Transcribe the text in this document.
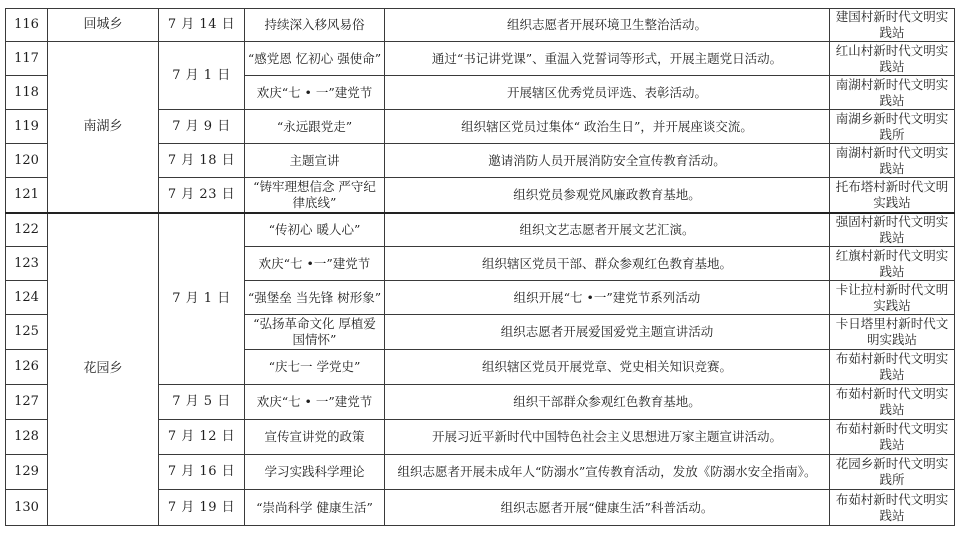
116	回城乡	7 月 14 日	持续深入移风易俗	组织志愿者开展环境卫生整治活动。	建国村新时代文明实践站
117	南湖乡	7 月 1 日	“感党恩 忆初心 强使命”	通过“书记讲党课”、重温入党誓词等形式，开展主题党日活动。	红山村新时代文明实践站
118			欢庆“七 • 一”建党节	开展辖区优秀党员评选、表彰活动。	南湖村新时代文明实践站
119		7 月 9 日	“永远跟党走”	组织辖区党员过集体“ 政治生日”，并开展座谈交流。	南湖乡新时代文明实践所
120		7 月 18 日	主题宣讲	邀请消防人员开展消防安全宣传教育活动。	南湖村新时代文明实践站
121		7 月 23 日	“铸牢理想信念 严守纪律底线”	组织党员参观党风廉政教育基地。	托布塔村新时代文明实践站
122	花园乡	7 月 1 日	“传初心 暖人心”	组织文艺志愿者开展文艺汇演。	强固村新时代文明实践站
123			欢庆“七 •一”建党节	组织辖区党员干部、群众参观红色教育基地。	红旗村新时代文明实践站
124			“强堡垒 当先锋 树形象”	组织开展“七 •一”建党节系列活动	卡让拉村新时代文明实践站
125			“弘扬革命文化 厚植爱国情怀”	组织志愿者开展爱国爱党主题宣讲活动	卡日塔里村新时代文明实践站
126			“庆七一 学党史”	组织辖区党员开展党章、党史相关知识竞赛。	布茹村新时代文明实践站
127		7 月 5 日	欢庆“七 • 一”建党节	组织干部群众参观红色教育基地。	布茹村新时代文明实践站
128		7 月 12 日	宣传宣讲党的政策	开展习近平新时代中国特色社会主义思想进万家主题宣讲活动。	布茹村新时代文明实践站
129		7 月 16 日	学习实践科学理论	组织志愿者开展未成年人“防溺水”宣传教育活动，发放《防溺水安全指南》。	花园乡新时代文明实践所
130		7 月 19 日	“崇尚科学 健康生活”	组织志愿者开展“健康生活”科普活动。	布茹村新时代文明实践站
